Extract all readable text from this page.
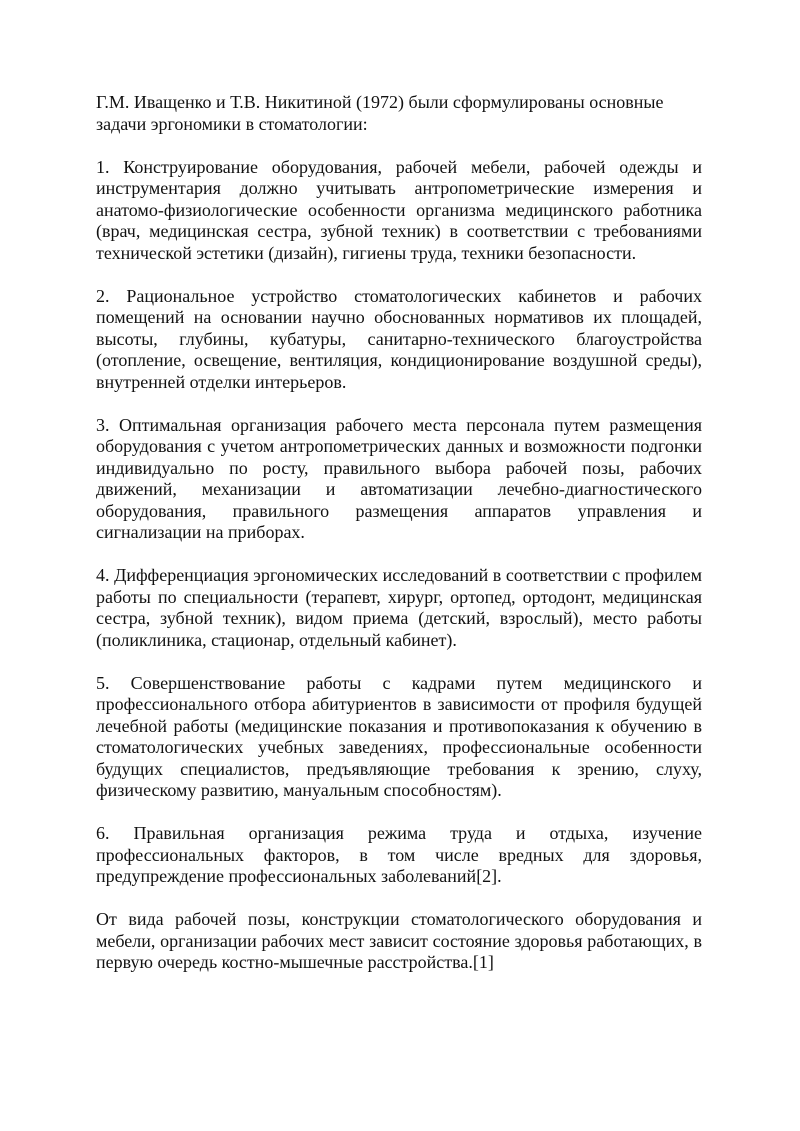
Г.М. Иващенко и Т.В. Никитиной (1972) были сформулированы основные задачи эргономики в стоматологии:

1. Конструирование оборудования, рабочей мебели, рабочей одежды и инструментария должно учитывать антропометрические измерения и анатомо-физиологические особенности организма медицинского работника (врач, медицинская сестра, зубной техник) в соответствии с требованиями технической эстетики (дизайн), гигиены труда, техники безопасности.

2. Рациональное устройство стоматологических кабинетов и рабочих помещений на основании научно обоснованных нормативов их площадей, высоты, глубины, кубатуры, санитарно-технического благоустройства (отопление, освещение, вентиляция, кондиционирование воздушной среды), внутренней отделки интерьеров.

3. Оптимальная организация рабочего места персонала путем размещения оборудования с учетом антропометрических данных и возможности подгонки индивидуально по росту, правильного выбора рабочей позы, рабочих движений, механизации и автоматизации лечебно-диагностического оборудования, правильного размещения аппаратов управления и сигнализации на приборах.

4. Дифференциация эргономических исследований в соответствии с профилем работы по специальности (терапевт, хирург, ортопед, ортодонт, медицинская сестра, зубной техник), видом приема (детский, взрослый), место работы (поликлиника, стационар, отдельный кабинет).

5. Совершенствование работы с кадрами путем медицинского и профессионального отбора абитуриентов в зависимости от профиля будущей лечебной работы (медицинские показания и противопоказания к обучению в стоматологических учебных заведениях, профессиональные особенности будущих специалистов, предъявляющие требования к зрению, слуху, физическому развитию, мануальным способностям).

6. Правильная организация режима труда и отдыха, изучение профессиональных факторов, в том числе вредных для здоровья, предупреждение профессиональных заболеваний[2].

От вида рабочей позы, конструкции стоматологического оборудования и мебели, организации рабочих мест зависит состояние здоровья работающих, в первую очередь костно-мышечные расстройства.[1]
